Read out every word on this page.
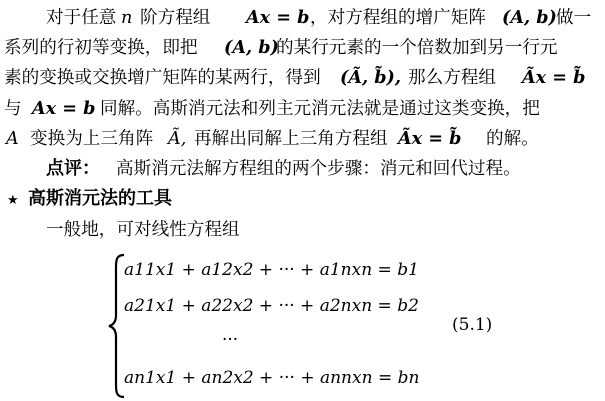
对于任意 n 阶方程组 Ax = b ，对方程组的增广矩阵 (A, b) 做一
系列的行初等变换，即把 (A, b)
的某行元素的一个倍数加到另一行元
素的变换或交换增广矩阵的某两行，得到 (Ã, b̃), 那么方程组 Ãx = b̃
与 Ax = b 同解。高斯消元法和列主元消元法就是通过这类变换，把
A 变换为上三角阵 Ã, 再解出同解上三角方程组 Ãx = b̃ 的解。
点评： 高斯消元法解方程组的两个步骤：消元和回代过程。
★ 高斯消元法的工具
一般地，可对线性方程组
a11x1 + a12x2 + ··· + a1nxn = b1
a21x1 + a22x2 + ··· + a2nxn = b2
···
an1x1 + an2x2 + ··· + annxn = bn
(5.1)
